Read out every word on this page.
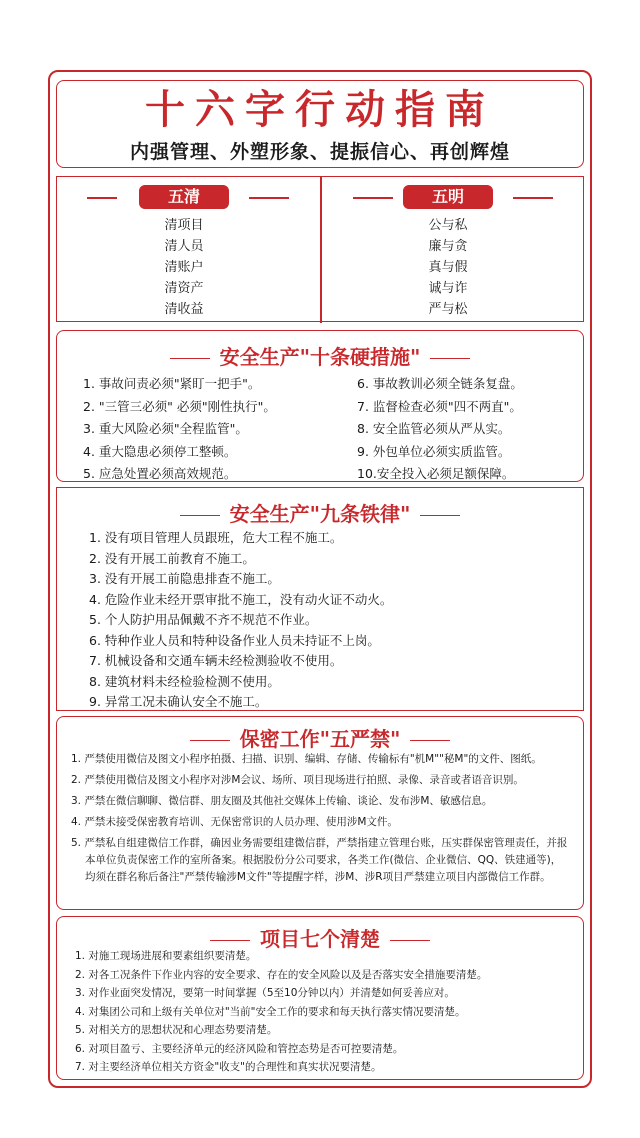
十六字行动指南
内强管理、外塑形象、提振信心、再创辉煌
五清	五明
清项目
清人员
清账户
清资产
清收益
公与私
廉与贪
真与假
诚与诈
严与松
安全生产"十条硬措施"
1. 事故问责必须"紧盯一把手"。
2. "三管三必须" 必须"刚性执行"。
3. 重大风险必须"全程监管"。
4. 重大隐患必须停工整顿。
5. 应急处置必须高效规范。
6. 事故教训必须全链条复盘。
7. 监督检查必须"四不两直"。
8. 安全监管必须从严从实。
9. 外包单位必须实质监管。
10.安全投入必须足额保障。
安全生产"九条铁律"
1. 没有项目管理人员跟班，危大工程不施工。
2. 没有开展工前教育不施工。
3. 没有开展工前隐患排查不施工。
4. 危险作业未经开票审批不施工，没有动火证不动火。
5. 个人防护用品佩戴不齐不规范不作业。
6. 特种作业人员和特种设备作业人员未持证不上岗。
7. 机械设备和交通车辆未经检测验收不使用。
8. 建筑材料未经检验检测不使用。
9. 异常工况未确认安全不施工。
保密工作"五严禁"
1. 严禁使用微信及图文小程序拍摄、扫描、识别、编辑、存储、传输标有"机M""秘M"的文件、图纸。
2. 严禁使用微信及图文小程序对涉M会议、场所、项目现场进行拍照、录像、录音或者语音识别。
3. 严禁在微信聊聊、微信群、朋友圈及其他社交媒体上传输、谈论、发布涉M、敏感信息。
4. 严禁未接受保密教育培训、无保密常识的人员办理、使用涉M文件。
5. 严禁私自组建微信工作群，确因业务需要组建微信群，严禁指建立管理台账，压实群保密管理责任，并报本单位负责保密工作的室所备案。根据股份分公司要求，各类工作(微信、企业微信、QQ、铁建通等)，均须在群名称后备注"严禁传输涉M文件"等提醒字样，涉M、涉R项目严禁建立项目内部微信工作群。
项目七个清楚
1. 对施工现场进展和要素组织要清楚。
2. 对各工况条件下作业内容的安全要求、存在的安全风险以及是否落实安全措施要清楚。
3. 对作业面突发情况，要第一时间掌握（5至10分钟以内）并清楚如何妥善应对。
4. 对集团公司和上级有关单位对"当前"安全工作的要求和每天执行落实情况要清楚。
5. 对相关方的思想状况和心理态势要清楚。
6. 对项目盈亏、主要经济单元的经济风险和管控态势是否可控要清楚。
7. 对主要经济单位相关方资金"收支"的合理性和真实状况要清楚。
